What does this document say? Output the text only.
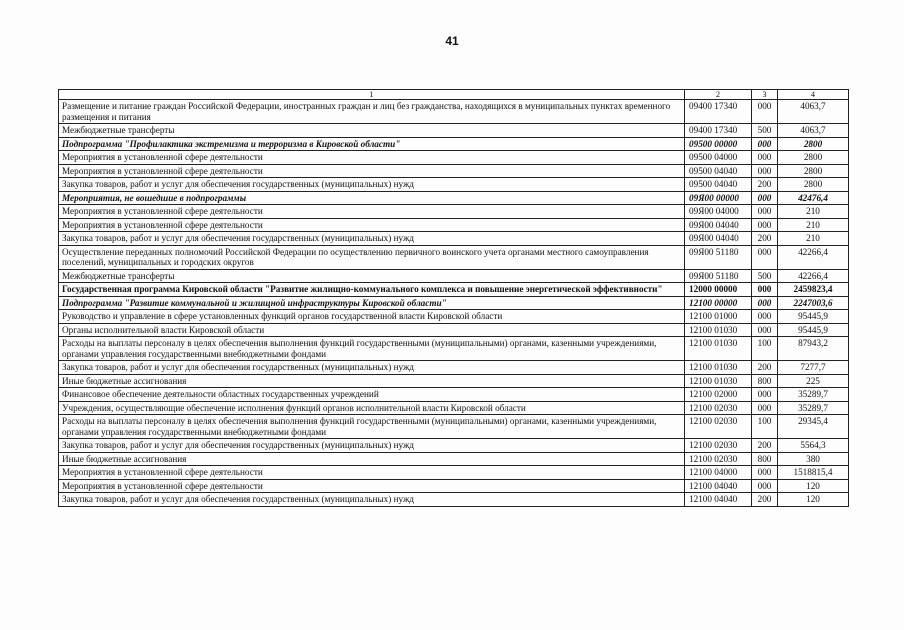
41
1	2	3	4
Размещение и питание граждан Российской Федерации, иностранных граждан и лиц без гражданства, находящихся в муниципальных пунктах временного размещения и питания	09400 17340	000	4063,7
Межбюджетные трансферты	09400 17340	500	4063,7
Подпрограмма "Профилактика экстремизма и терроризма в Кировской области"	09500 00000	000	2800
Мероприятия в установленной сфере деятельности	09500 04000	000	2800
Мероприятия в установленной сфере деятельности	09500 04040	000	2800
Закупка товаров, работ и услуг для обеспечения государственных (муниципальных) нужд	09500 04040	200	2800
Мероприятия, не вошедшие в подпрограммы	09Я00 00000	000	42476,4
Мероприятия в установленной сфере деятельности	09Я00 04000	000	210
Мероприятия в установленной сфере деятельности	09Я00 04040	000	210
Закупка товаров, работ и услуг для обеспечения государственных (муниципальных) нужд	09Я00 04040	200	210
Осуществление переданных полномочий Российской Федерации по осуществлению первичного воинского учета органами местного самоуправления поселений, муниципальных и городских округов	09Я00 51180	000	42266,4
Межбюджетные трансферты	09Я00 51180	500	42266,4
Государственная программа Кировской области "Развитие жилищно-коммунального комплекса и повышение энергетической эффективности"	12000 00000	000	2459823,4
Подпрограмма "Развитие коммунальной и жилищной инфраструктуры Кировской области"	12100 00000	000	2247003,6
Руководство и управление в сфере установленных функций органов государственной власти Кировской области	12100 01000	000	95445,9
Органы исполнительной власти Кировской области	12100 01030	000	95445,9
Расходы на выплаты персоналу в целях обеспечения выполнения функций государственными (муниципальными) органами, казенными учреждениями, органами управления государственными внебюджетными фондами	12100 01030	100	87943,2
Закупка товаров, работ и услуг для обеспечения государственных (муниципальных) нужд	12100 01030	200	7277,7
Иные бюджетные ассигнования	12100 01030	800	225
Финансовое обеспечение деятельности областных государственных учреждений	12100 02000	000	35289,7
Учреждения, осуществляющие обеспечение исполнения функций органов исполнительной власти Кировской области	12100 02030	000	35289,7
Расходы на выплаты персоналу в целях обеспечения выполнения функций государственными (муниципальными) органами, казенными учреждениями, органами управления государственными внебюджетными фондами	12100 02030	100	29345,4
Закупка товаров, работ и услуг для обеспечения государственных (муниципальных) нужд	12100 02030	200	5564,3
Иные бюджетные ассигнования	12100 02030	800	380
Мероприятия в установленной сфере деятельности	12100 04000	000	1518815,4
Мероприятия в установленной сфере деятельности	12100 04040	000	120
Закупка товаров, работ и услуг для обеспечения государственных (муниципальных) нужд	12100 04040	200	120
